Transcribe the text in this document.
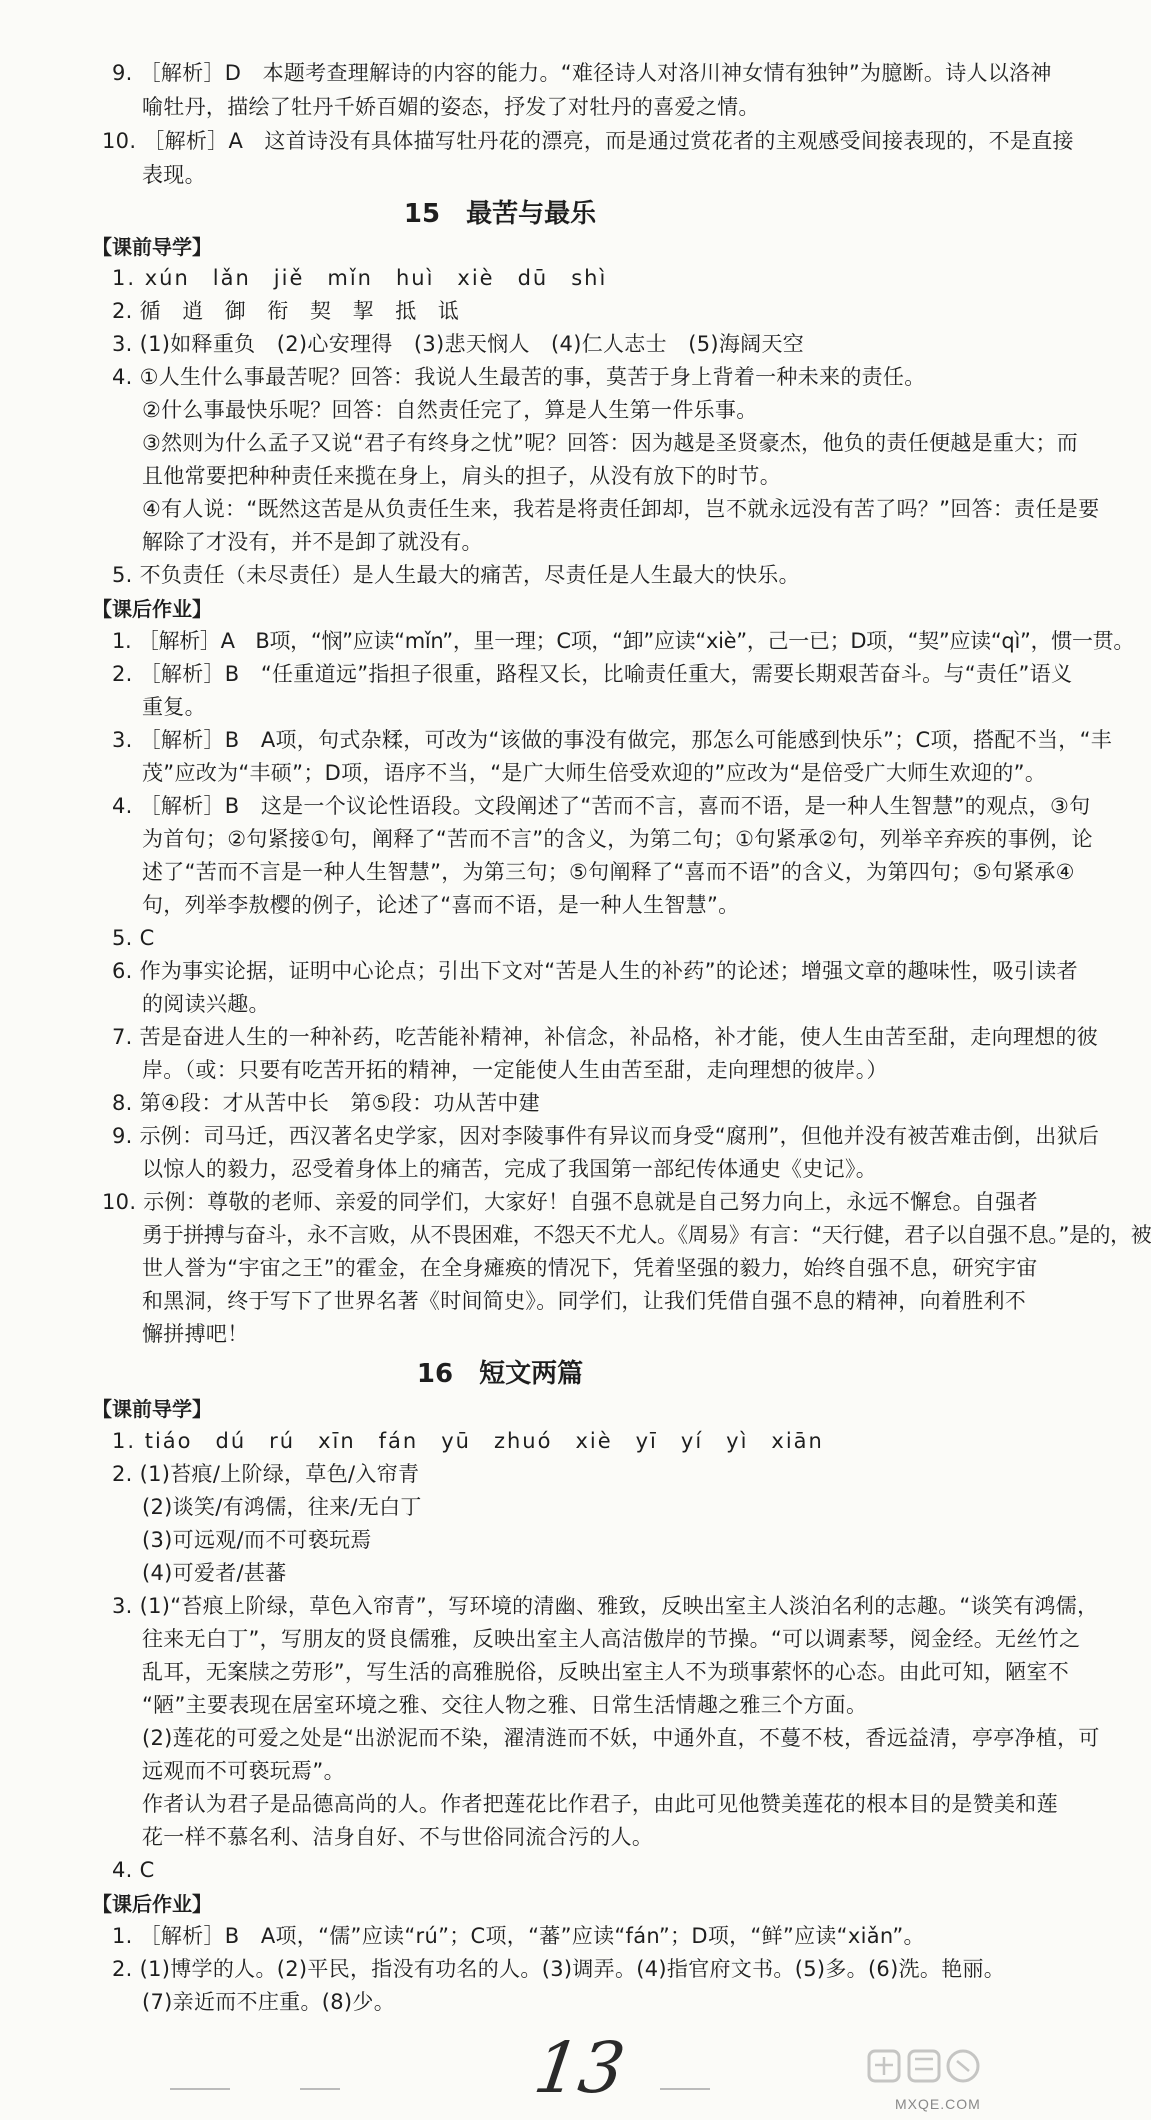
9. ［解析］D　本题考查理解诗的内容的能力。“难径诗人对洛川神女情有独钟”为臆断。诗人以洛神
喻牡丹，描绘了牡丹千娇百媚的姿态，抒发了对牡丹的喜爱之情。
10. ［解析］A　这首诗没有具体描写牡丹花的漂亮，而是通过赏花者的主观感受间接表现的，不是直接
表现。
15　最苦与最乐
【课前导学】
1. xún　lǎn　jiě　mǐn　huì　xiè　dū　shì
2. 循　逍　御　衔　契　挈　抵　诋
3. (1)如释重负　(2)心安理得　(3)悲天悯人　(4)仁人志士　(5)海阔天空
4. ①人生什么事最苦呢？回答：我说人生最苦的事，莫苦于身上背着一种未来的责任。
②什么事最快乐呢？回答：自然责任完了，算是人生第一件乐事。
③然则为什么孟子又说“君子有终身之忧”呢？回答：因为越是圣贤豪杰，他负的责任便越是重大；而
且他常要把种种责任来揽在身上，肩头的担子，从没有放下的时节。
④有人说：“既然这苦是从负责任生来，我若是将责任卸却，岂不就永远没有苦了吗？”回答：责任是要
解除了才没有，并不是卸了就没有。
5. 不负责任（未尽责任）是人生最大的痛苦，尽责任是人生最大的快乐。
【课后作业】
1. ［解析］A　B项，“悯”应读“mǐn”，里一理；C项，“卸”应读“xiè”，己一已；D项，“契”应读“qì”，惯一贯。
2. ［解析］B　“任重道远”指担子很重，路程又长，比喻责任重大，需要长期艰苦奋斗。与“责任”语义
重复。
3. ［解析］B　A项，句式杂糅，可改为“该做的事没有做完，那怎么可能感到快乐”；C项，搭配不当，“丰
茂”应改为“丰硕”；D项，语序不当，“是广大师生倍受欢迎的”应改为“是倍受广大师生欢迎的”。
4. ［解析］B　这是一个议论性语段。文段阐述了“苦而不言，喜而不语，是一种人生智慧”的观点，③句
为首句；②句紧接①句，阐释了“苦而不言”的含义，为第二句；①句紧承②句，列举辛弃疾的事例，论
述了“苦而不言是一种人生智慧”，为第三句；⑤句阐释了“喜而不语”的含义，为第四句；⑤句紧承④
句，列举李敖樱的例子，论述了“喜而不语，是一种人生智慧”。
5. C
6. 作为事实论据，证明中心论点；引出下文对“苦是人生的补药”的论述；增强文章的趣味性，吸引读者
的阅读兴趣。
7. 苦是奋进人生的一种补药，吃苦能补精神，补信念，补品格，补才能，使人生由苦至甜，走向理想的彼
岸。（或：只要有吃苦开拓的精神，一定能使人生由苦至甜，走向理想的彼岸。）
8. 第④段：才从苦中长　第⑤段：功从苦中建
9. 示例：司马迁，西汉著名史学家，因对李陵事件有异议而身受“腐刑”，但他并没有被苦难击倒，出狱后
以惊人的毅力，忍受着身体上的痛苦，完成了我国第一部纪传体通史《史记》。
10. 示例：尊敬的老师、亲爱的同学们，大家好！自强不息就是自己努力向上，永远不懈怠。自强者
勇于拼搏与奋斗，永不言败，从不畏困难，不怨天不尤人。《周易》有言：“天行健，君子以自强不息。”是的，被
世人誉为“宇宙之王”的霍金，在全身瘫痪的情况下，凭着坚强的毅力，始终自强不息，研究宇宙
和黑洞，终于写下了世界名著《时间简史》。同学们，让我们凭借自强不息的精神，向着胜利不
懈拼搏吧！
16　短文两篇
【课前导学】
1. tiáo　dú　rú　xīn　fán　yū　zhuó　xiè　yī　yí　yì　xiān
2. (1)苔痕/上阶绿，草色/入帘青
(2)谈笑/有鸿儒，往来/无白丁
(3)可远观/而不可亵玩焉
(4)可爱者/甚蕃
3. (1)“苔痕上阶绿，草色入帘青”，写环境的清幽、雅致，反映出室主人淡泊名利的志趣。“谈笑有鸿儒，
往来无白丁”，写朋友的贤良儒雅，反映出室主人高洁傲岸的节操。“可以调素琴，阅金经。无丝竹之
乱耳，无案牍之劳形”，写生活的高雅脱俗，反映出室主人不为琐事萦怀的心态。由此可知，陋室不
“陋”主要表现在居室环境之雅、交往人物之雅、日常生活情趣之雅三个方面。
(2)莲花的可爱之处是“出淤泥而不染，濯清涟而不妖，中通外直，不蔓不枝，香远益清，亭亭净植，可
远观而不可亵玩焉”。
作者认为君子是品德高尚的人。作者把莲花比作君子，由此可见他赞美莲花的根本目的是赞美和莲
花一样不慕名利、洁身自好、不与世俗同流合污的人。
4. C
【课后作业】
1. ［解析］B　A项，“儒”应读“rú”；C项，“蕃”应读“fán”；D项，“鲜”应读“xiǎn”。
2. (1)博学的人。(2)平民，指没有功名的人。(3)调弄。(4)指官府文书。(5)多。(6)洗。艳丽。
(7)亲近而不庄重。(8)少。
13	MXQE.COM
